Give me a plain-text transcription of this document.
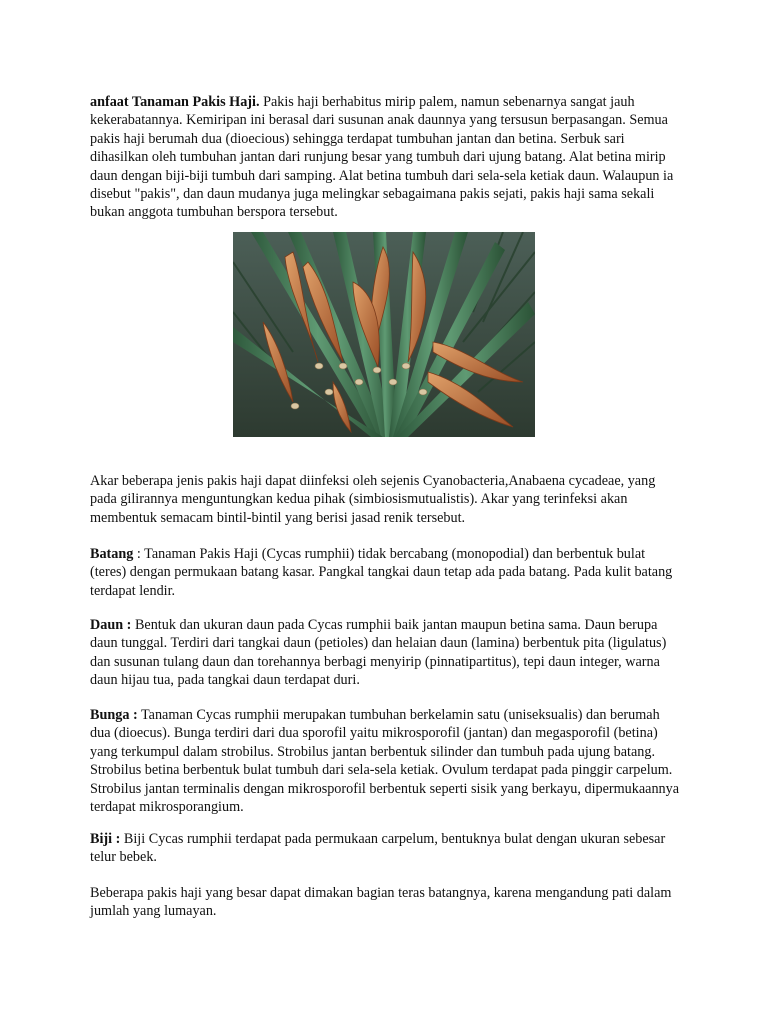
anfaat Tanaman Pakis Haji. Pakis haji berhabitus mirip palem, namun sebenarnya sangat jauh kekerabatannya. Kemiripan ini berasal dari susunan anak daunnya yang tersusun berpasangan. Semua pakis haji berumah dua (dioecious) sehingga terdapat tumbuhan jantan dan betina. Serbuk sari dihasilkan oleh tumbuhan jantan dari runjung besar yang tumbuh dari ujung batang. Alat betina mirip daun dengan biji-biji tumbuh dari samping. Alat betina tumbuh dari sela-sela ketiak daun. Walaupun ia disebut "pakis", dan daun mudanya juga melingkar sebagaimana pakis sejati, pakis haji sama sekali bukan anggota tumbuhan berspora tersebut.

Akar beberapa jenis pakis haji dapat diinfeksi oleh sejenis Cyanobacteria,Anabaena cycadeae, yang pada gilirannya menguntungkan kedua pihak (simbiosismutualistis). Akar yang terinfeksi akan membentuk semacam bintil-bintil yang berisi jasad renik tersebut.

Batang : Tanaman Pakis Haji (Cycas rumphii) tidak bercabang (monopodial) dan berbentuk bulat (teres) dengan permukaan batang kasar. Pangkal tangkai daun tetap ada pada batang. Pada kulit batang terdapat lendir.

Daun : Bentuk dan ukuran daun pada Cycas rumphii baik jantan maupun betina sama. Daun berupa daun tunggal. Terdiri dari tangkai daun (petioles) dan helaian daun (lamina) berbentuk pita (ligulatus) dan susunan tulang daun dan torehannya berbagi menyirip (pinnatipartitus), tepi daun integer, warna daun hijau tua, pada tangkai daun terdapat duri.

Bunga : Tanaman Cycas rumphii merupakan tumbuhan berkelamin satu (uniseksualis) dan berumah dua (dioecus). Bunga terdiri dari dua sporofil yaitu mikrosporofil (jantan) dan megasporofil (betina) yang terkumpul dalam strobilus. Strobilus jantan berbentuk silinder dan tumbuh pada ujung batang. Strobilus betina berbentuk bulat tumbuh dari sela-sela ketiak. Ovulum terdapat pada pinggir carpelum. Strobilus jantan terminalis dengan mikrosporofil berbentuk seperti sisik yang berkayu, dipermukaannya terdapat mikrosporangium.

Biji : Biji Cycas rumphii terdapat pada permukaan carpelum, bentuknya bulat dengan ukuran sebesar telur bebek.

Beberapa pakis haji yang besar dapat dimakan bagian teras batangnya, karena mengandung pati dalam jumlah yang lumayan.
